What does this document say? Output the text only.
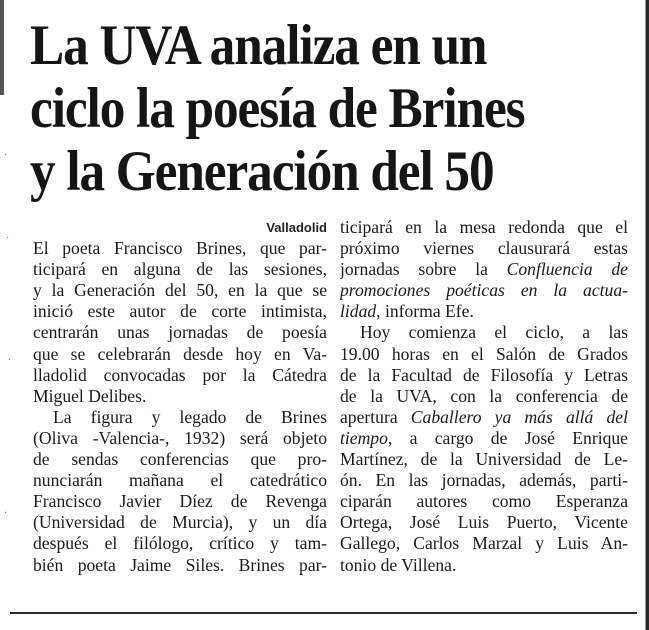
·
·
·
·
La UVA analiza en un
ciclo la poesía de Brines
y la Generación del 50
Valladolid
El poeta Francisco Brines, que par-
ticipará en alguna de las sesiones,
y la Generación del 50, en la que se
inició este autor de corte intimista,
centrarán unas jornadas de poesía
que se celebrarán desde hoy en Va-
lladolid convocadas por la Cátedra
Miguel Delibes.
La figura y legado de Brines
(Oliva -Valencia-, 1932) será objeto
de sendas conferencias que pro-
nunciarán mañana el catedrático
Francisco Javier Díez de Revenga
(Universidad de Murcia), y un día
después el filólogo, crítico y tam-
bién poeta Jaime Siles. Brines par-
ticipará en la mesa redonda que el
próximo viernes clausurará estas
jornadas sobre la Confluencia de
promociones poéticas en la actua-
lidad, informa Efe.
Hoy comienza el ciclo, a las
19.00 horas en el Salón de Grados
de la Facultad de Filosofía y Letras
de la UVA, con la conferencia de
apertura Caballero ya más allá del
tiempo, a cargo de José Enrique
Martínez, de la Universidad de Le-
ón. En las jornadas, además, parti-
ciparán autores como Esperanza
Ortega, José Luis Puerto, Vicente
Gallego, Carlos Marzal y Luis An-
tonio de Villena.
